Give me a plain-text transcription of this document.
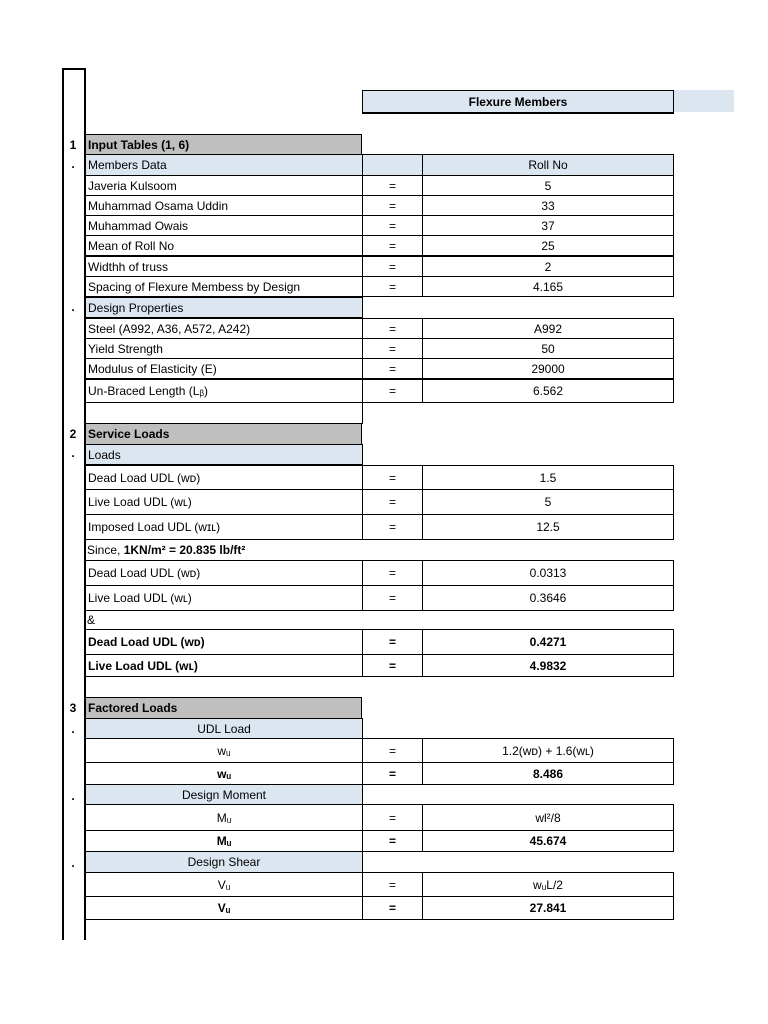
Flexure Members
1 Input Tables (1, 6)
.	Members Data	Roll No
Javeria Kulsoom	=	5
Muhammad Osama Uddin	=	33
Muhammad Owais	=	37
Mean of Roll No	=	25
Widthh of truss	=	2
Spacing of Flexure Membess by Design	=	4.165
.	Design Properties
Steel (A992, A36, A572, A242)	=	A992
Yield Strength	=	50
Modulus of Elasticity (E)	=	29000
Un-Braced Length (Lᵦ)	=	6.562
2 Service Loads
.	Loads
Dead Load UDL (wᴅ)	=	1.5
Live Load UDL (wʟ)	=	5
Imposed Load UDL (wɪʟ)	=	12.5
Since, 1KN/m² = 20.835 lb/ft²
Dead Load UDL (wᴅ)	=	0.0313
Live Load UDL (wʟ)	=	0.3646
&
Dead Load UDL (wᴅ)	=	0.4271
Live Load UDL (wʟ)	=	4.9832
3 Factored Loads
.	UDL Load
wᵤ	=	1.2(wᴅ) + 1.6(wʟ)
wᵤ	=	8.486
.	Design Moment
Mᵤ	=	wl²/8
Mᵤ	=	45.674
.	Design Shear
Vᵤ	=	wᵤL/2
Vᵤ	=	27.841
